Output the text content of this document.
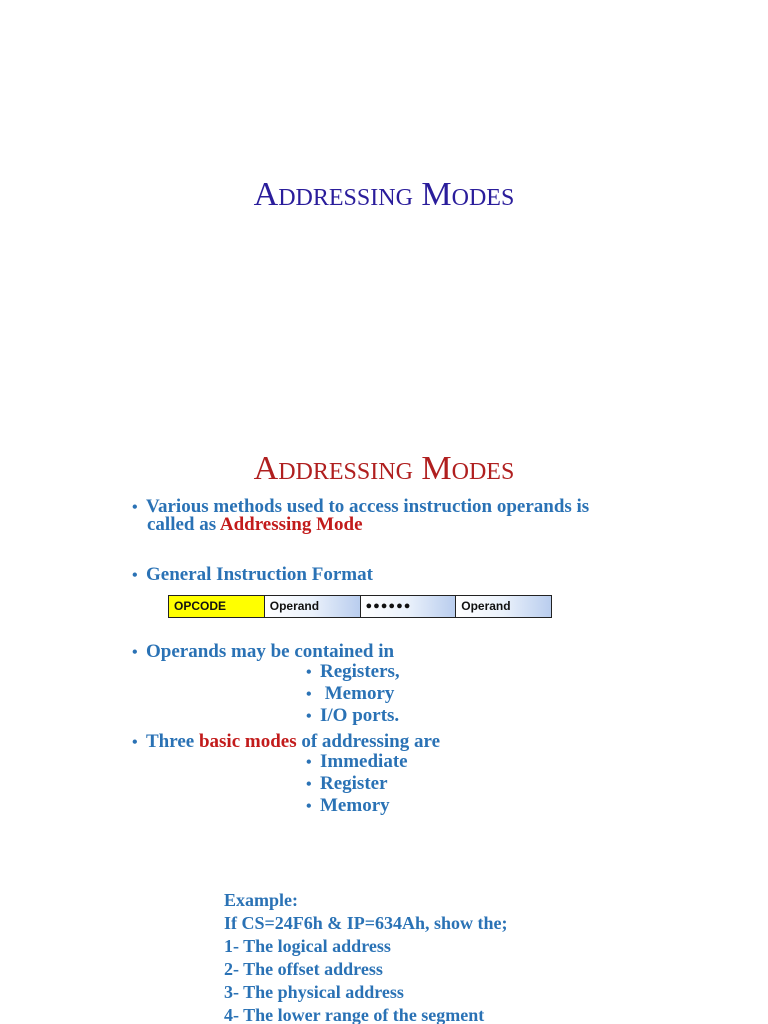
Addressing Modes
Addressing Modes
• Various methods used to access instruction operands is
called as Addressing Mode
• General Instruction Format
OPCODE	Operand	●●●●●●	Operand
• Operands may be contained in
• Registers,
• Memory
• I/O ports.
• Three basic modes of addressing are
• Immediate
• Register
• Memory
Example:
If CS=24F6h & IP=634Ah, show the;
1- The logical address
2- The offset address
3- The physical address
4- The lower range of the segment
